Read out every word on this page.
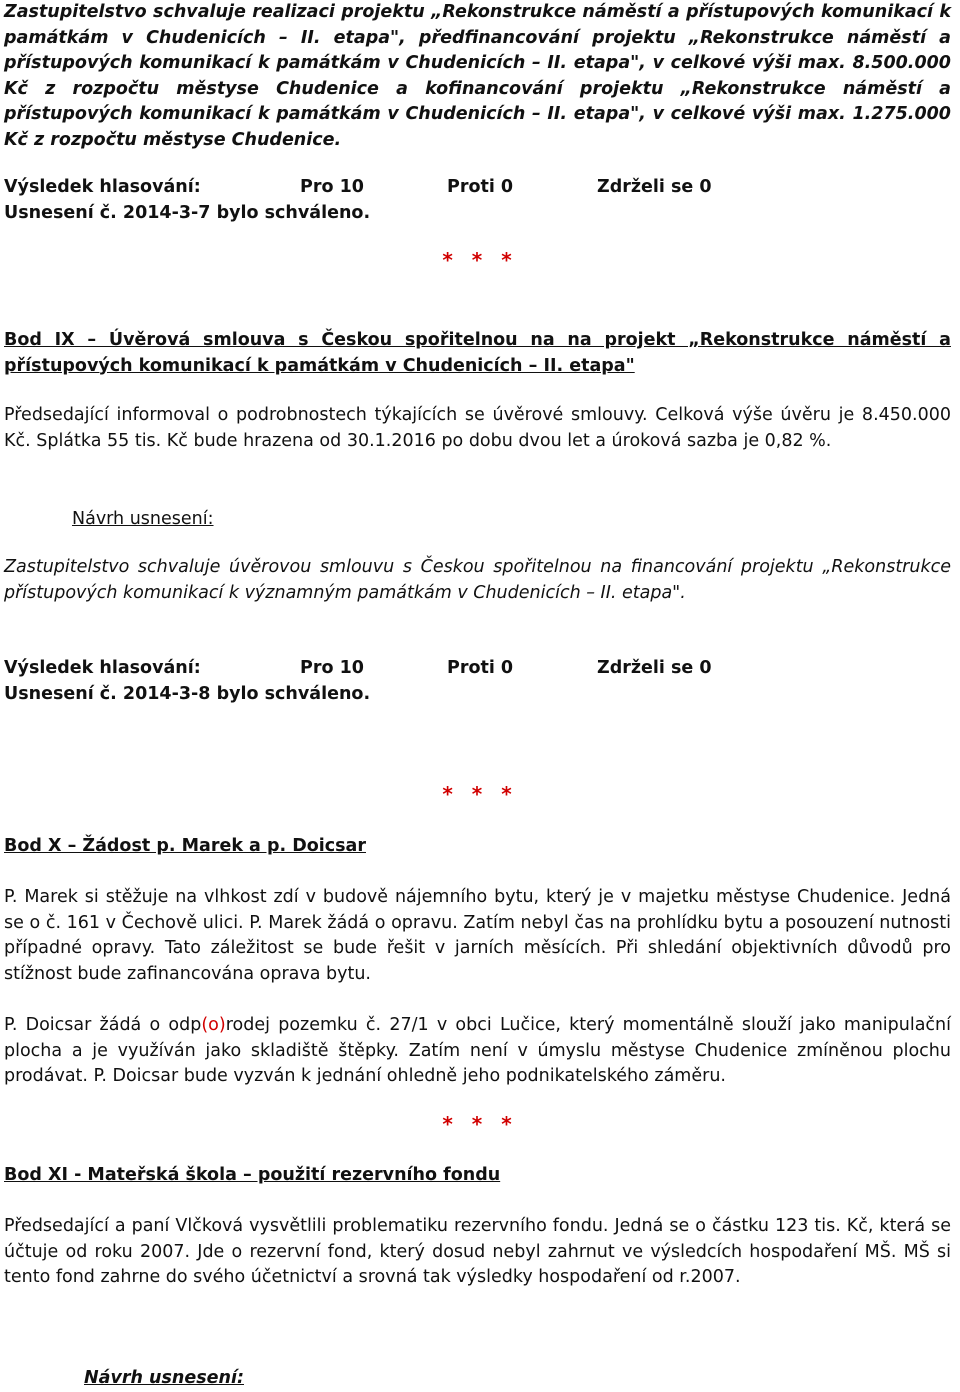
Zastupitelstvo schvaluje realizaci projektu „Rekonstrukce náměstí a přístupových komunikací k památkám v Chudenicích – II. etapa", předfinancování projektu „Rekonstrukce náměstí a přístupových komunikací k památkám v Chudenicích – II. etapa", v celkové výši max. 8.500.000 Kč z rozpočtu městyse Chudenice a kofinancování projektu „Rekonstrukce náměstí a přístupových komunikací k památkám v Chudenicích – II. etapa", v celkové výši max. 1.275.000 Kč z rozpočtu městyse Chudenice.

Výsledek hlasování:	Pro 10	Proti 0	Zdrželi se 0
Usnesení č. 2014-3-7 bylo schváleno.
* * *
Bod IX – Úvěrová smlouva s Českou spořitelnou na na projekt „Rekonstrukce náměstí a přístupových komunikací k památkám v Chudenicích – II. etapa"

Předsedající informoval o podrobnostech týkajících se úvěrové smlouvy. Celková výše úvěru je 8.450.000 Kč. Splátka 55 tis. Kč bude hrazena od 30.1.2016 po dobu dvou let a úroková sazba je 0,82 %.

Návrh usnesení:

Zastupitelstvo schvaluje úvěrovou smlouvu s Českou spořitelnou na financování projektu „Rekonstrukce přístupových komunikací k významným památkám v Chudenicích – II. etapa".

Výsledek hlasování:	Pro 10	Proti 0	Zdrželi se 0
Usnesení č. 2014-3-8 bylo schváleno.
* * *
Bod X – Žádost p. Marek a p. Doicsar

P. Marek si stěžuje na vlhkost zdí v budově nájemního bytu, který je v majetku městyse Chudenice. Jedná se o č. 161 v Čechově ulici. P. Marek žádá o opravu. Zatím nebyl čas na prohlídku bytu a posouzení nutnosti případné opravy. Tato záležitost se bude řešit v jarních měsících. Při shledání objektivních důvodů pro stížnost bude zafinancována oprava bytu.

P. Doicsar žádá o odp(o)rodej pozemku č. 27/1 v obci Lučice, který momentálně slouží jako manipulační plocha a je využíván jako skladiště štěpky. Zatím není v úmyslu městyse Chudenice zmíněnou plochu prodávat. P. Doicsar bude vyzván k jednání ohledně jeho podnikatelského záměru.

* * *
Bod XI - Mateřská škola – použití rezervního fondu

Předsedající a paní Vlčková vysvětlili problematiku rezervního fondu. Jedná se o částku 123 tis. Kč, která se účtuje od roku 2007. Jde o rezervní fond, který dosud nebyl zahrnut ve výsledcích hospodaření MŠ. MŠ si tento fond zahrne do svého účetnictví a srovná tak výsledky hospodaření od r.2007.

Návrh usnesení:
